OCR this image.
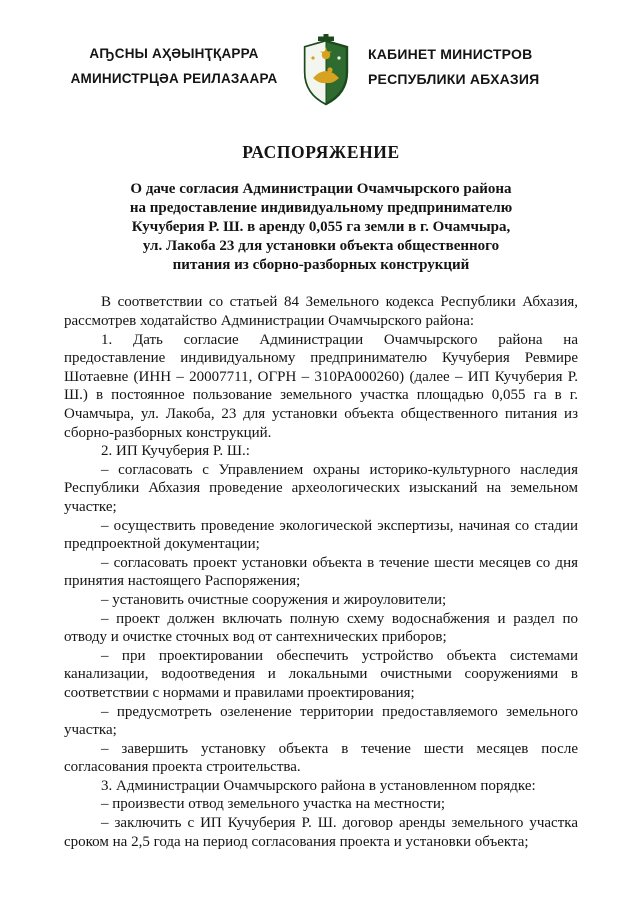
АҦСНЫ АҲӘЫНҬҚАРРА
АМИНИСТРЦӘА РЕИЛАЗААРА
КАБИНЕТ МИНИСТРОВ
РЕСПУБЛИКИ АБХАЗИЯ
РАСПОРЯЖЕНИЕ
О даче согласия Администрации Очамчырского района
на предоставление индивидуальному предпринимателю
Кучуберия Р. Ш. в аренду 0,055 га земли в г. Очамчыра,
ул. Лакоба 23 для установки объекта общественного
питания из сборно-разборных конструкций

В соответствии со статьей 84 Земельного кодекса Республики Абхазия, рассмотрев ходатайство Администрации Очамчырского района:

1. Дать согласие Администрации Очамчырского района на предоставление индивидуальному предпринимателю Кучуберия Ревмире Шотаевне (ИНН – 20007711, ОГРН – 310РА000260) (далее – ИП Кучуберия Р. Ш.) в постоянное пользование земельного участка площадью 0,055 га в г. Очамчыра, ул. Лакоба, 23 для установки объекта общественного питания из сборно-разборных конструкций.

2. ИП Кучуберия Р. Ш.:

– согласовать с Управлением охраны историко-культурного наследия Республики Абхазия проведение археологических изысканий на земельном участке;

– осуществить проведение экологической экспертизы, начиная со стадии предпроектной документации;

– согласовать проект установки объекта в течение шести месяцев со дня принятия настоящего Распоряжения;

– установить очистные сооружения и жироуловители;

– проект должен включать полную схему водоснабжения и раздел по отводу и очистке сточных вод от сантехнических приборов;

– при проектировании обеспечить устройство объекта системами канализации, водоотведения и локальными очистными сооружениями в соответствии с нормами и правилами проектирования;

– предусмотреть озеленение территории предоставляемого земельного участка;

– завершить установку объекта в течение шести месяцев после согласования проекта строительства.

3. Администрации Очамчырского района в установленном порядке:

– произвести отвод земельного участка на местности;

– заключить с ИП Кучуберия Р. Ш. договор аренды земельного участка сроком на 2,5 года на период согласования проекта и установки объекта;
